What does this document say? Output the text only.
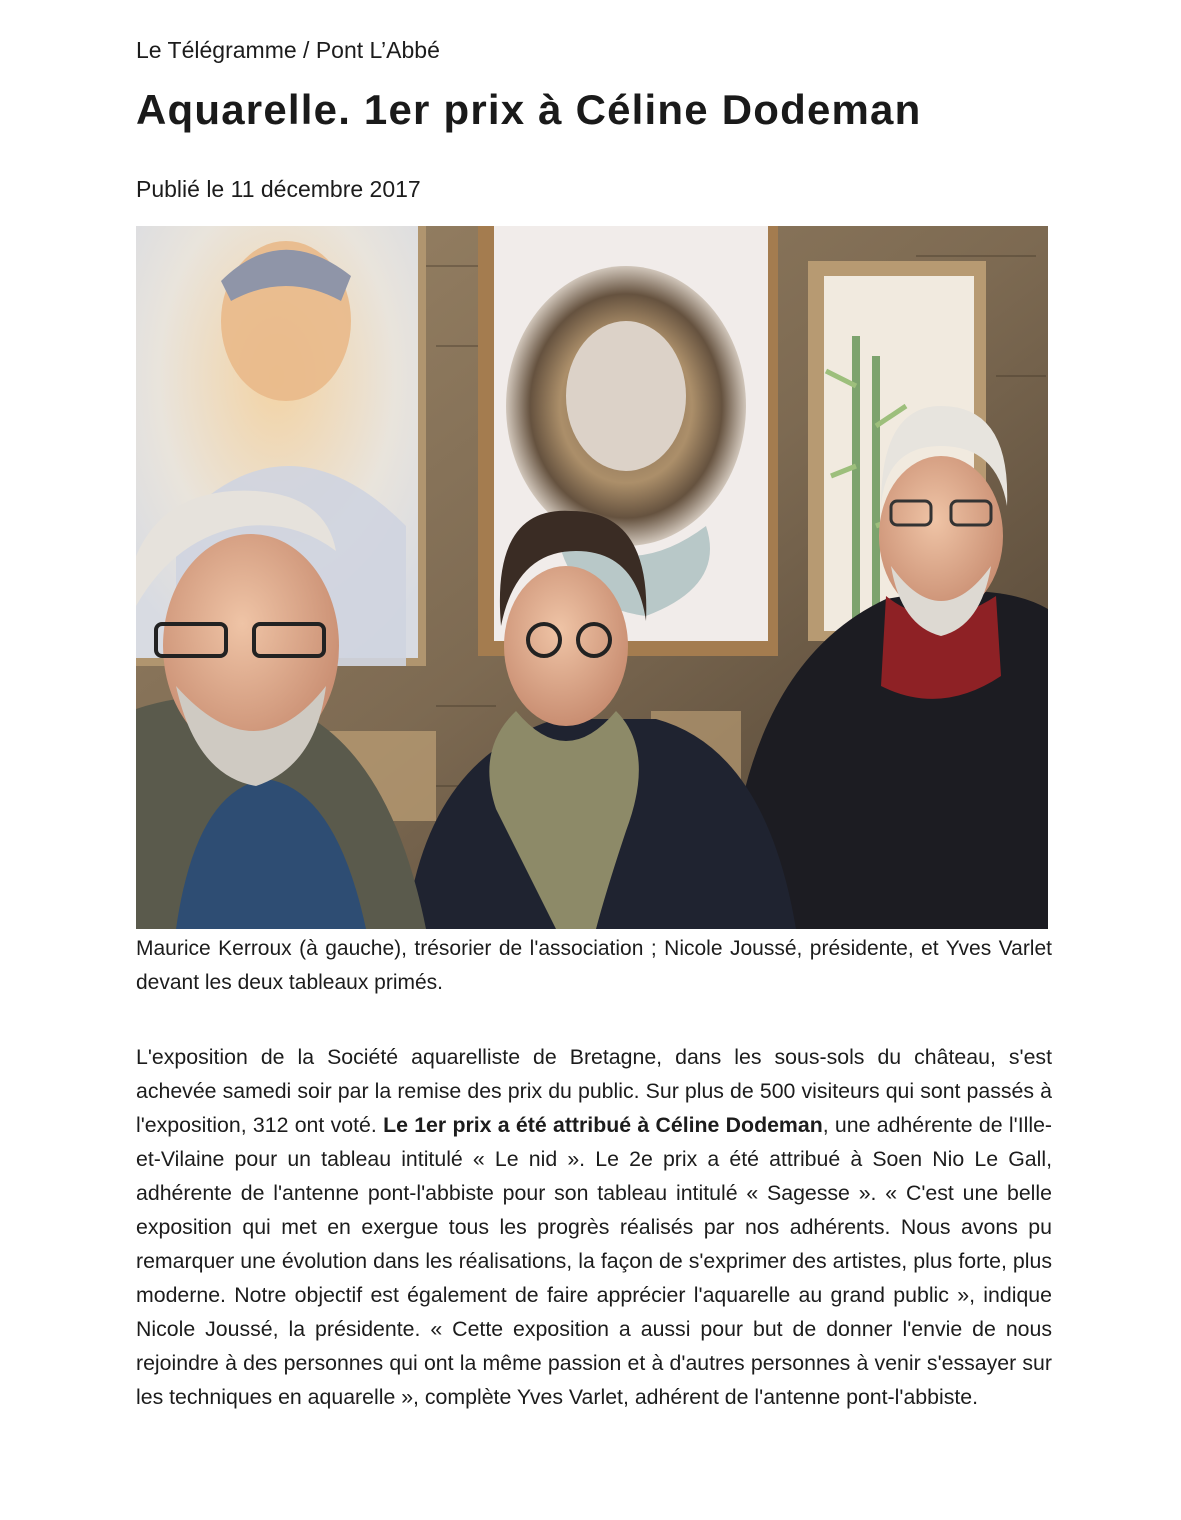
Le Télégramme / Pont L’Abbé
Aquarelle. 1er prix à Céline Dodeman
Publié le 11 décembre 2017

Maurice Kerroux (à gauche), trésorier de l'association ; Nicole Joussé, présidente, et Yves Varlet devant les deux tableaux primés.

L'exposition de la Société aquarelliste de Bretagne, dans les sous-sols du château, s'est achevée samedi soir par la remise des prix du public. Sur plus de 500 visiteurs qui sont passés à l'exposition, 312 ont voté. Le 1er prix a été attribué à Céline Dodeman, une adhérente de l'Ille-et-Vilaine pour un tableau intitulé « Le nid ». Le 2e prix a été attribué à Soen Nio Le Gall, adhérente de l'antenne pont-l'abbiste pour son tableau intitulé « Sagesse ». « C'est une belle exposition qui met en exergue tous les progrès réalisés par nos adhérents. Nous avons pu remarquer une évolution dans les réalisations, la façon de s'exprimer des artistes, plus forte, plus moderne. Notre objectif est également de faire apprécier l'aquarelle au grand public », indique Nicole Joussé, la présidente. « Cette exposition a aussi pour but de donner l'envie de nous rejoindre à des personnes qui ont la même passion et à d'autres personnes à venir s'essayer sur les techniques en aquarelle », complète Yves Varlet, adhérent de l'antenne pont-l'abbiste.
